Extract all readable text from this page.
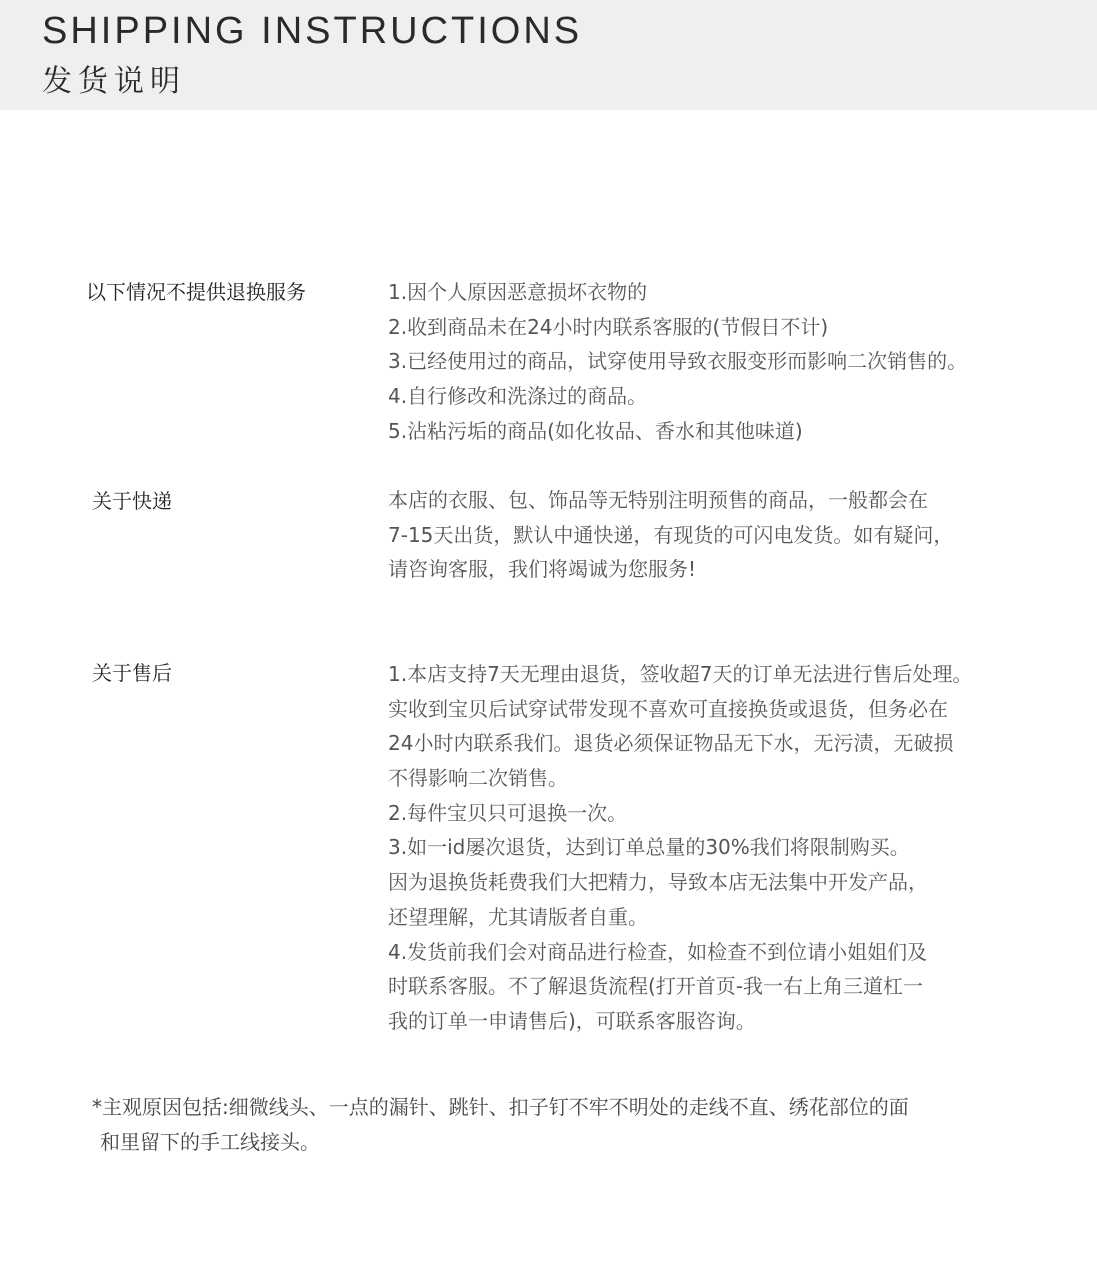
SHIPPING INSTRUCTIONS
发货说明
以下情况不提供退换服务	1.因个人原因恶意损坏衣物的
2.收到商品未在24小时内联系客服的(节假日不计)
3.已经使用过的商品，试穿使用导致衣服变形而影响二次销售的。
4.自行修改和洗涤过的商品。
5.沾粘污垢的商品(如化妆品、香水和其他味道)
关于快递	本店的衣服、包、饰品等无特别注明预售的商品，一般都会在
7-15天出货，默认中通快递，有现货的可闪电发货。如有疑问，
请咨询客服，我们将竭诚为您服务!
关于售后	1.本店支持7天无理由退货，签收超7天的订单无法进行售后处理。
实收到宝贝后试穿试带发现不喜欢可直接换货或退货，但务必在
24小时内联系我们。退货必须保证物品无下水，无污渍，无破损
不得影响二次销售。
2.每件宝贝只可退换一次。
3.如一id屡次退货，达到订单总量的30%我们将限制购买。
因为退换货耗费我们大把精力，导致本店无法集中开发产品，
还望理解，尤其请版者自重。
4.发货前我们会对商品进行检查，如检查不到位请小姐姐们及
时联系客服。不了解退货流程(打开首页-我一右上角三道杠一
我的订单一申请售后)，可联系客服咨询。
*主观原因包括:细微线头、一点的漏针、跳针、扣子钉不牢不明处的走线不直、绣花部位的面
和里留下的手工线接头。
